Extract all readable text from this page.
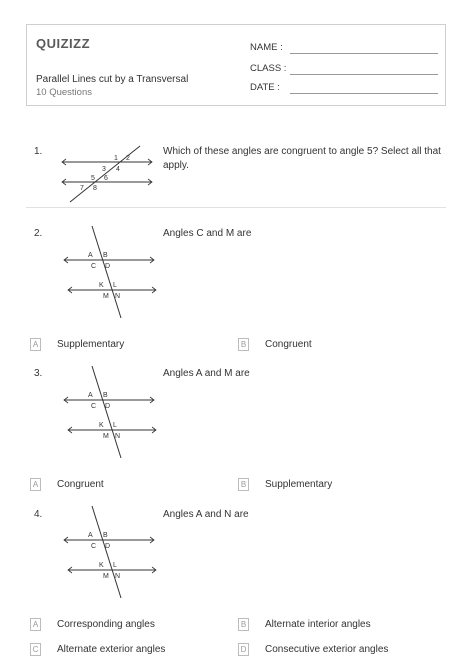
QUIZIZZ
Parallel Lines cut by a Transversal
10 Questions
NAME :
CLASS :
DATE :
1.	Which of these angles are congruent to angle 5? Select all that apply.
1 2
3 4
5 6
7 8
2.	Angles C and M are
A B
C D
K L
M N
A Supplementary	B Congruent
3.	Angles A and M are
A B
C D
K L
M N
A Congruent	B Supplementary
4.	Angles A and N are
A B
C D
K L
M N
A Corresponding angles	B Alternate interior angles
C Alternate exterior angles	D Consecutive exterior angles
